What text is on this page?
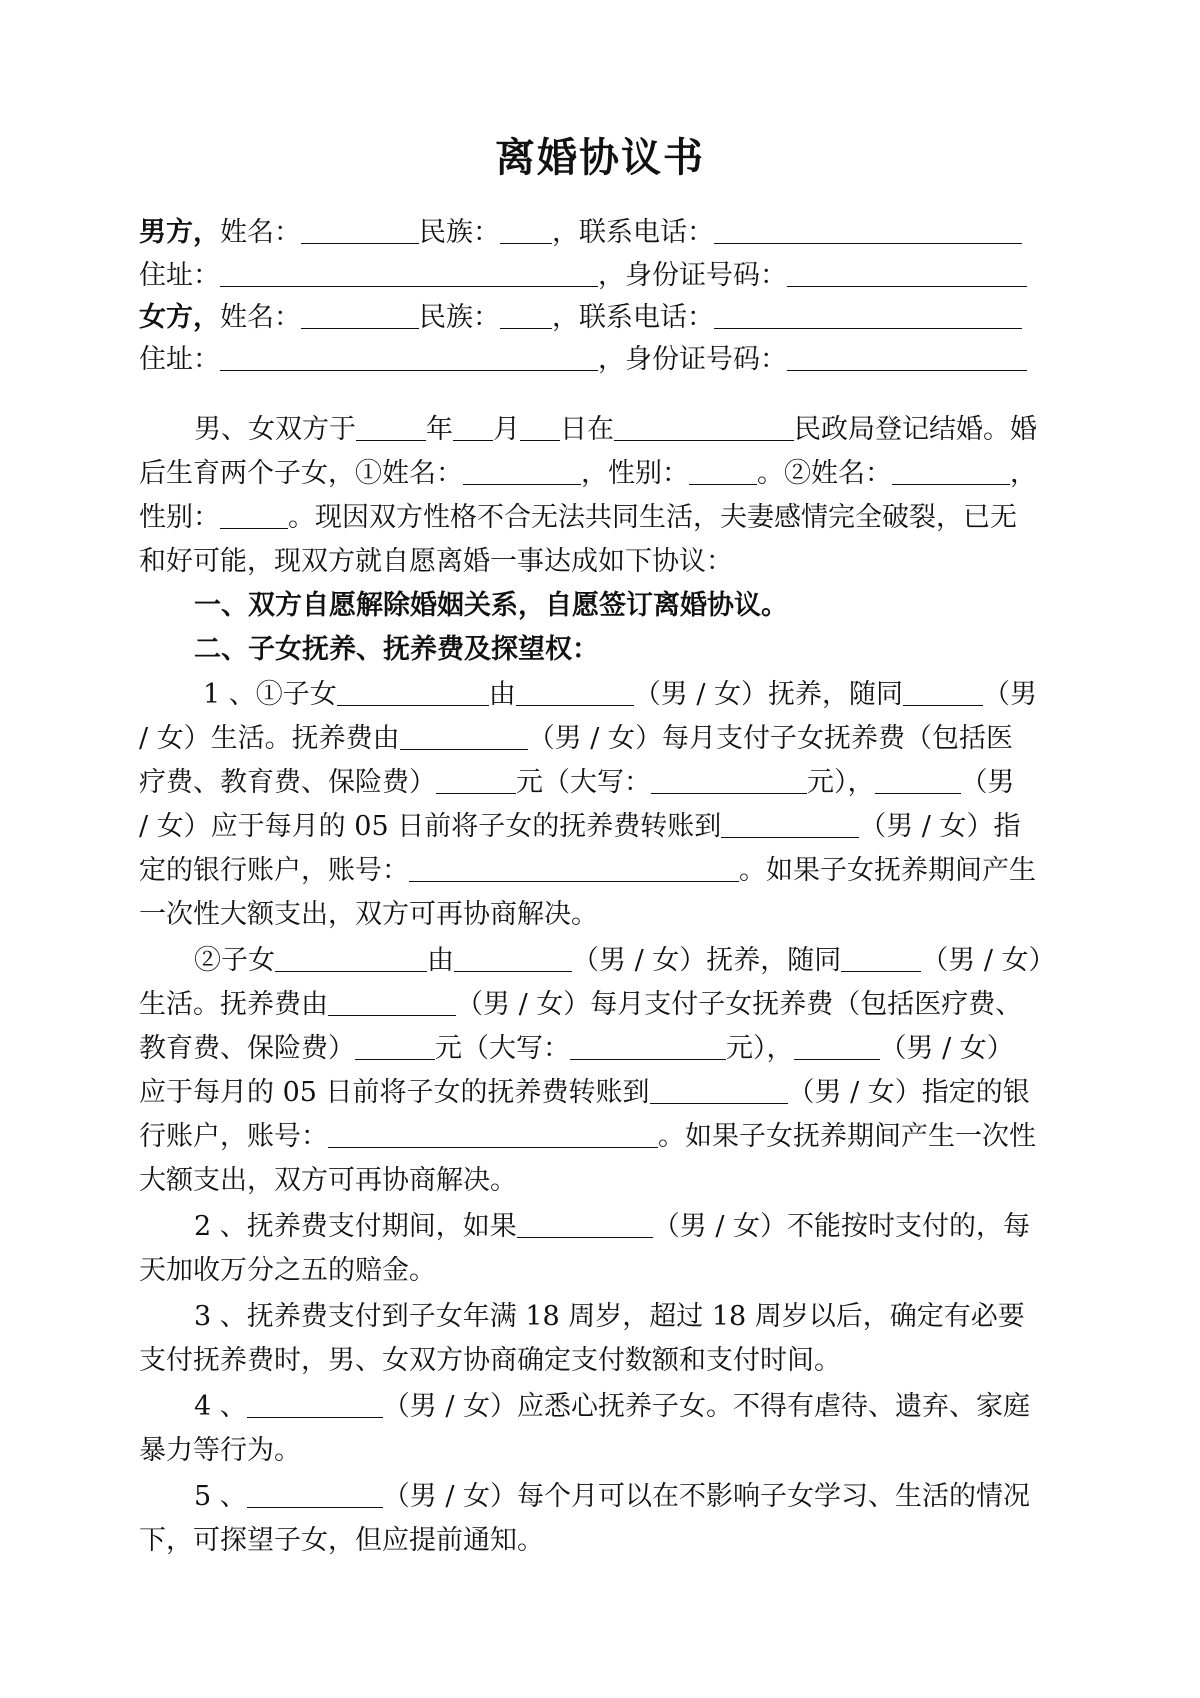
离婚协议书
男方，姓名：	民族： ，联系电话：
住址：	，身份证号码：
女方，姓名：	民族： ，联系电话：
住址：	，身份证号码：
男、女双方于	年 月 日在	民政局登记结婚。婚
后生育两个子女，①姓名：	，性别：	。②姓名：	，
性别：	。现因双方性格不合无法共同生活，夫妻感情完全破裂，已无
和好可能，现双方就自愿离婚一事达成如下协议：
一、双方自愿解除婚姻关系，自愿签订离婚协议。
二、子女抚养、抚养费及探望权：
1 、①子女	由	（男 / 女）抚养，随同	（男
/ 女）生活。抚养费由	（男 / 女）每月支付子女抚养费（包括医
疗费、教育费、保险费）	元（大写：	元），	（男
/ 女）应于每月的 05 日前将子女的抚养费转账到	（男 / 女）指
定的银行账户，账号：	。如果子女抚养期间产生
一次性大额支出，双方可再协商解决。
②子女	由	（男 / 女）抚养，随同	（男 / 女）
生活。抚养费由	（男 / 女）每月支付子女抚养费（包括医疗费、
教育费、保险费）	元（大写：	元），	（男 / 女）
应于每月的 05 日前将子女的抚养费转账到	（男 / 女）指定的银
行账户，账号：	。如果子女抚养期间产生一次性
大额支出，双方可再协商解决。
2 、抚养费支付期间，如果	（男 / 女）不能按时支付的，每
天加收万分之五的赔金。
3 、抚养费支付到子女年满 18 周岁，超过 18 周岁以后，确定有必要
支付抚养费时，男、女双方协商确定支付数额和支付时间。
4 、	（男 / 女）应悉心抚养子女。不得有虐待、遗弃、家庭
暴力等行为。
5 、	（男 / 女）每个月可以在不影响子女学习、生活的情况
下，可探望子女，但应提前通知。
